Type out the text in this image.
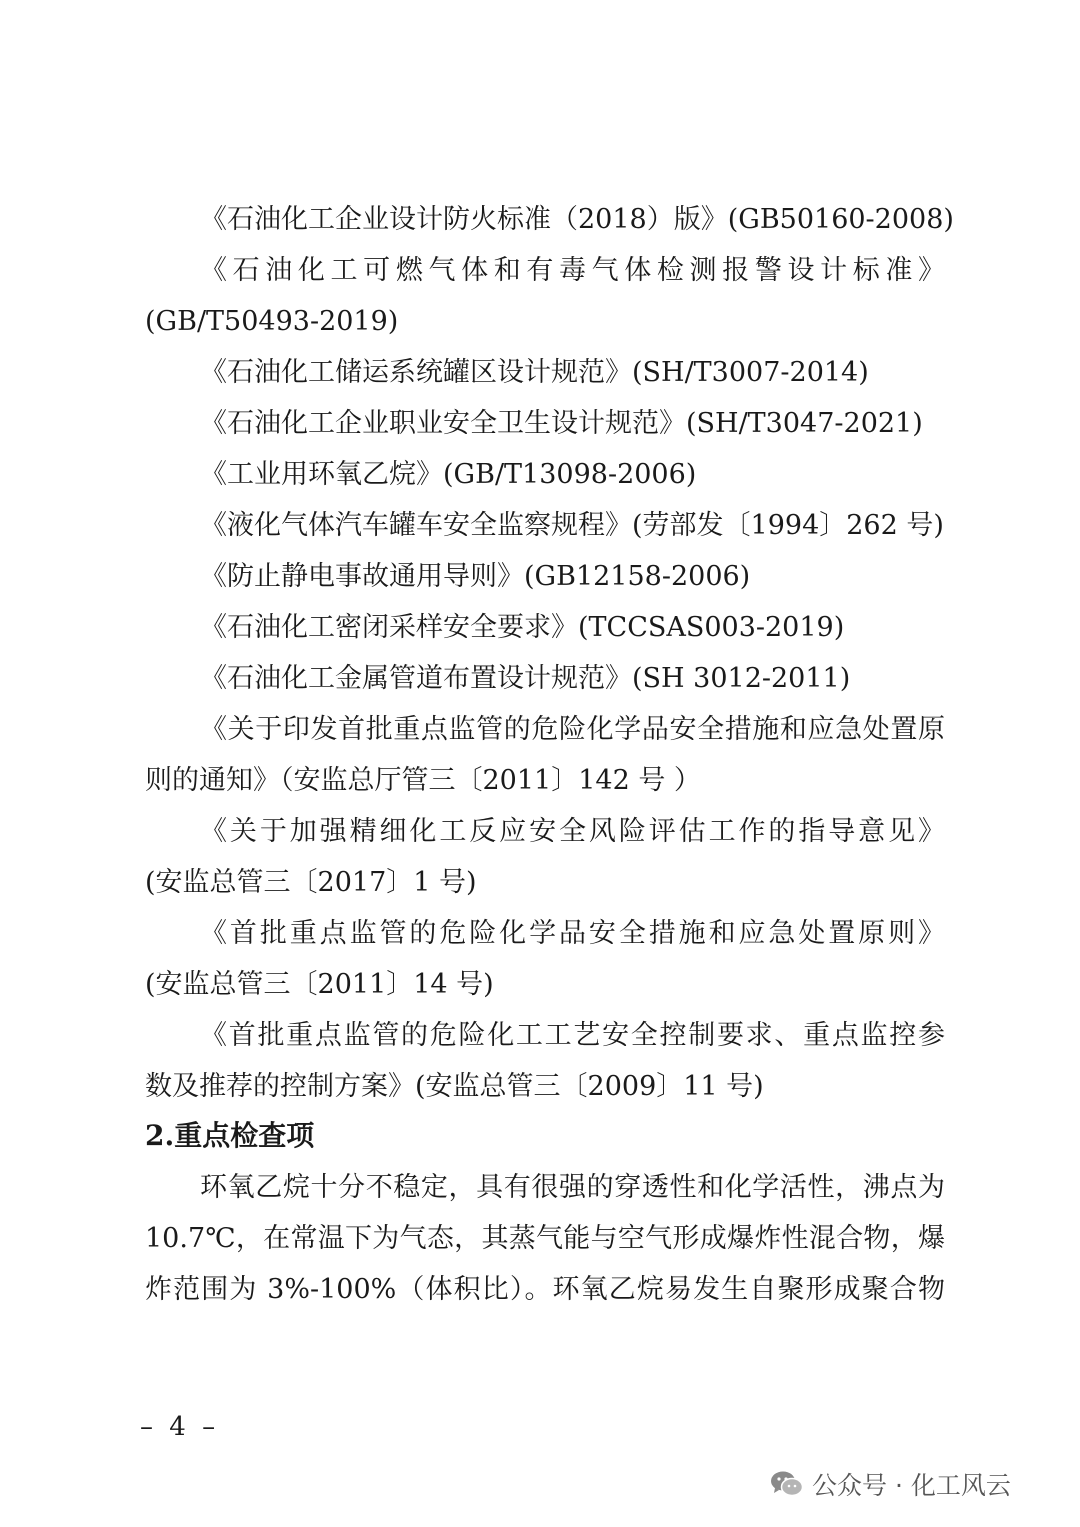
《石油化工企业设计防火标准（2018）版》(GB50160-2008)
《石油化工可燃气体和有毒气体检测报警设计标准》
(GB/T50493-2019)
《石油化工储运系统罐区设计规范》(SH/T3007-2014)
《石油化工企业职业安全卫生设计规范》(SH/T3047-2021)
《工业用环氧乙烷》(GB/T13098-2006)
《液化气体汽车罐车安全监察规程》(劳部发〔1994〕262 号)
《防止静电事故通用导则》(GB12158-2006)
《石油化工密闭采样安全要求》(TCCSAS003-2019)
《石油化工金属管道布置设计规范》(SH 3012-2011)
《关于印发首批重点监管的危险化学品安全措施和应急处置原
则的通知》（安监总厅管三〔2011〕142 号 ）
《关于加强精细化工反应安全风险评估工作的指导意见》
(安监总管三〔2017〕1 号)
《首批重点监管的危险化学品安全措施和应急处置原则》
(安监总管三〔2011〕14 号)
《首批重点监管的危险化工工艺安全控制要求、重点监控参
数及推荐的控制方案》(安监总管三〔2009〕11 号)
2.重点检查项
环氧乙烷十分不稳定，具有很强的穿透性和化学活性，沸点为
10.7℃，在常温下为气态，其蒸气能与空气形成爆炸性混合物，爆
炸范围为 3%-100%（体积比）。环氧乙烷易发生自聚形成聚合物
– 4 –
公众号 · 化工风云
